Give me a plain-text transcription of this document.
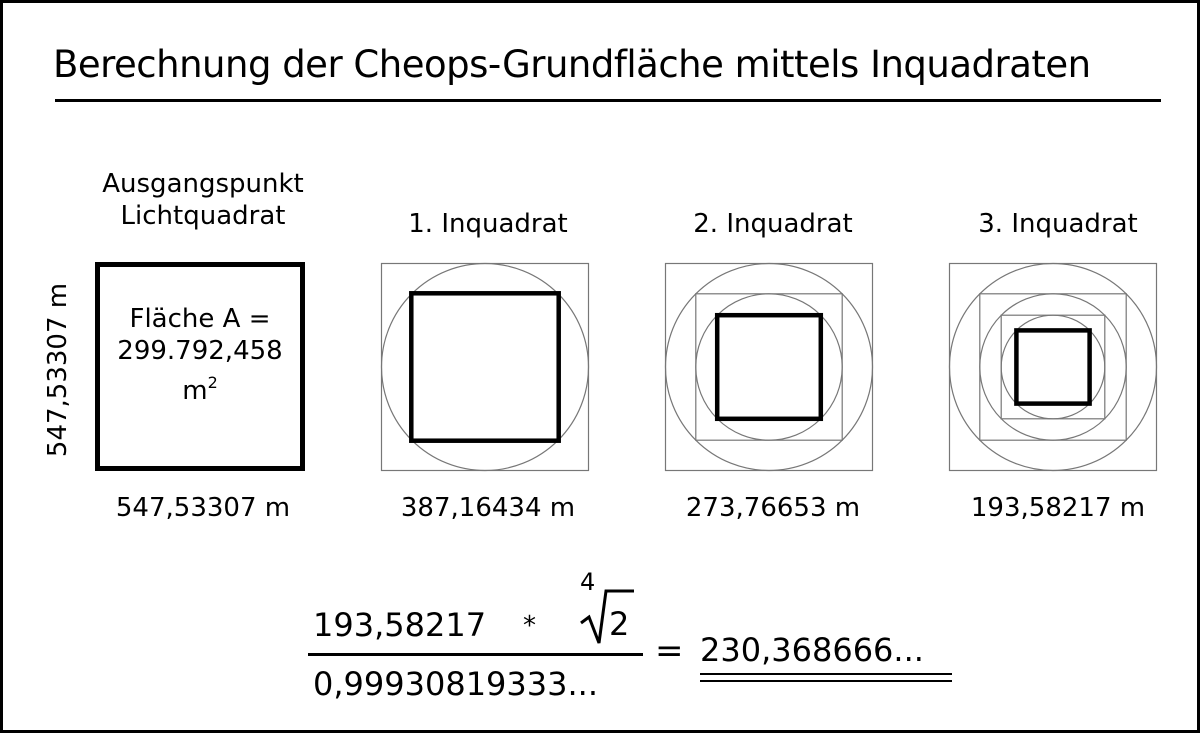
Berechnung der Cheops-Grundfläche mittels Inquadraten
Ausgangspunkt
Lichtquadrat
547,53307 m	Fläche A =
299.792,458
$m^2$
547,53307 m
1. Inquadrat	2. Inquadrat	3. Inquadrat
387,16434 m	273,76653 m	193,58217 m
193,58217 *
4
2
0,99930819333...
= 230,368666...
